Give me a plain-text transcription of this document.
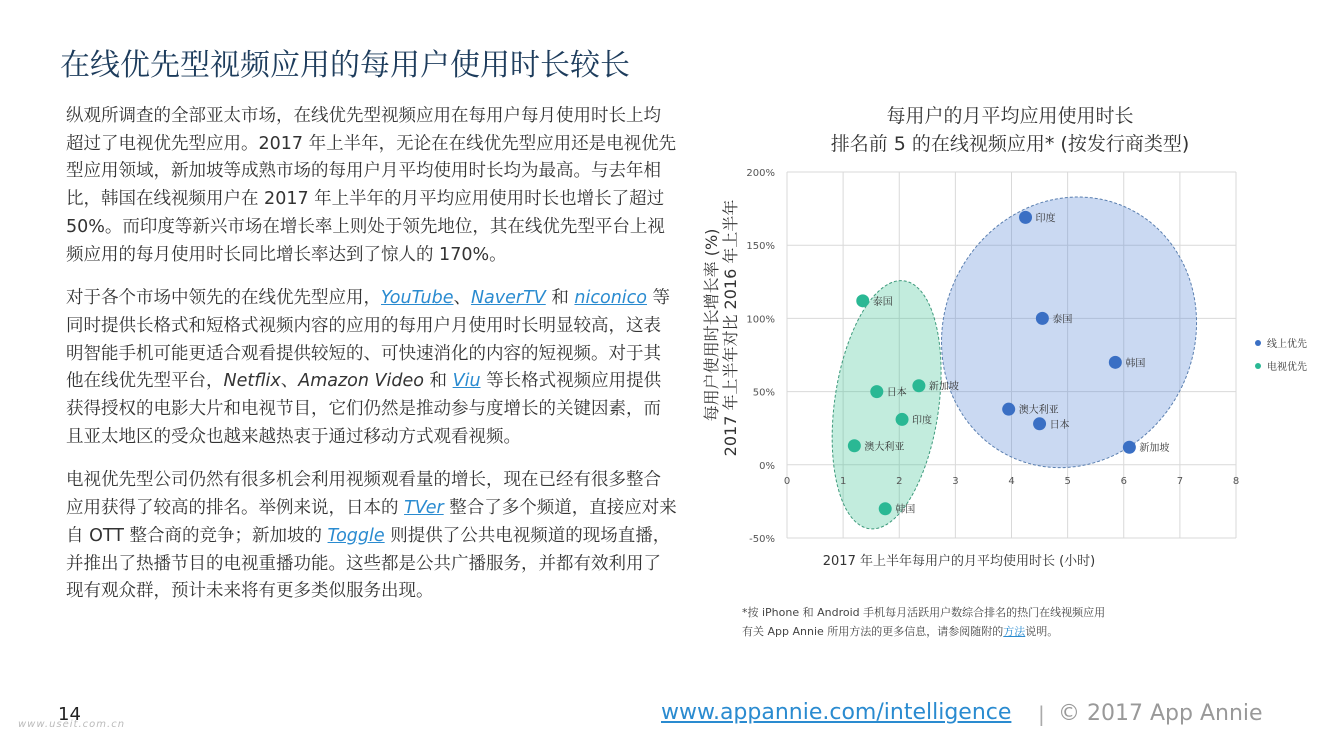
在线优先型视频应用的每用户使用时长较长

纵观所调查的全部亚太市场，在线优先型视频应用在每用户每月使用时长上均超过了电视优先型应用。2017 年上半年，无论在在线优先型应用还是电视优先型应用领域，新加坡等成熟市场的每用户月平均使用时长均为最高。与去年相比，韩国在线视频用户在 2017 年上半年的月平均应用使用时长也增长了超过 50%。而印度等新兴市场在增长率上则处于领先地位，其在线优先型平台上视频应用的每月使用时长同比增长率达到了惊人的 170%。

对于各个市场中领先的在线优先型应用，YouTube、NaverTV 和 niconico 等同时提供长格式和短格式视频内容的应用的每用户月使用时长明显较高，这表明智能手机可能更适合观看提供较短的、可快速消化的内容的短视频。对于其他在线优先型平台，Netflix、Amazon Video 和 Viu 等长格式视频应用提供获得授权的电影大片和电视节目，它们仍然是推动参与度增长的关键因素，而且亚太地区的受众也越来越热衷于通过移动方式观看视频。

电视优先型公司仍然有很多机会利用视频观看量的增长，现在已经有很多整合应用获得了较高的排名。举例来说，日本的 TVer 整合了多个频道，直接应对来自 OTT 整合商的竞争；新加坡的 Toggle 则提供了公共电视频道的现场直播，并推出了热播节目的电视重播功能。这些都是公共广播服务，并都有效利用了现有观众群，预计未来将有更多类似服务出现。

每用户的月平均应用使用时长
排名前 5 的在线视频应用* (按发行商类型)
-50%
0%
50%
100%
150%
200%
0	1	2	3	4	5	6	7	8
印度
泰国
韩国
澳大利亚
日本
新加坡
泰国
新加坡
日本
印度
澳大利亚
韩国
线上优先
电视优先
每用户使用时长增长率 (%) 2017 年上半年对比 2016 年上半年
2017 年上半年每用户的月平均使用时长 (小时)
*按 iPhone 和 Android 手机每月活跃用户数综合排名的热门在线视频应用
有关 App Annie 所用方法的更多信息，请参阅随附的方法说明。
14
www.useit.com.cn	www.appannie.com/intelligence | © 2017 App Annie
